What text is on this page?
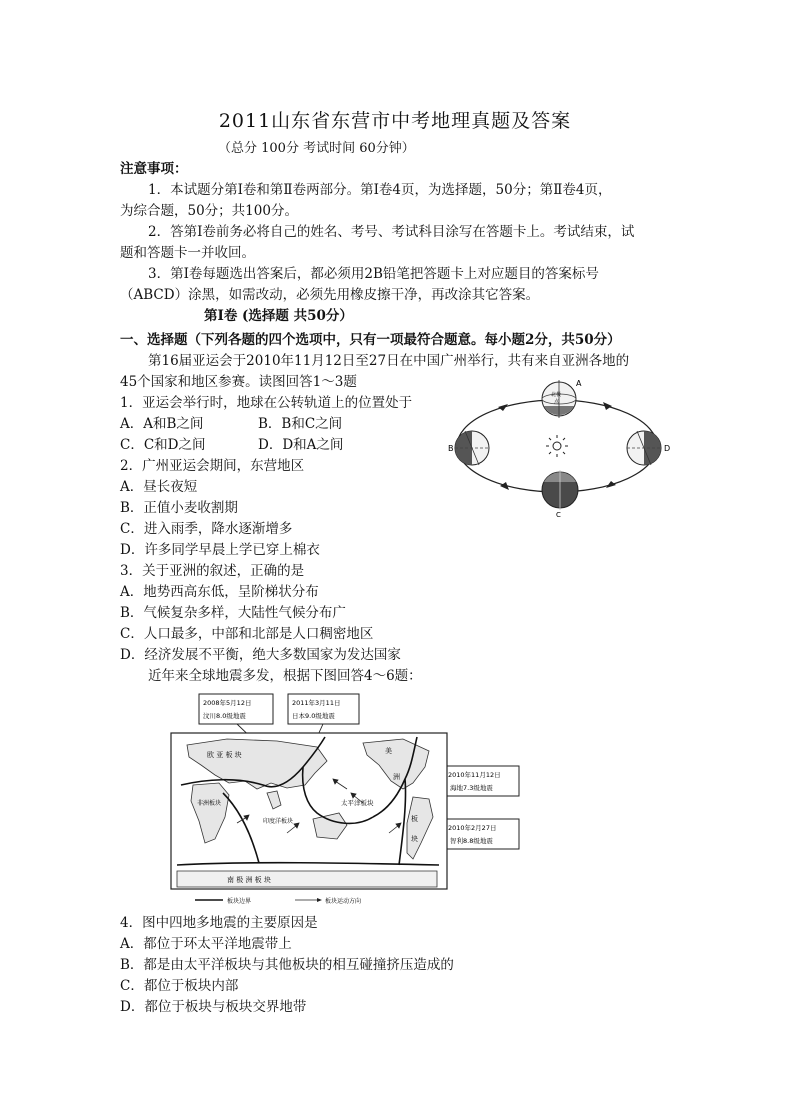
2011山东省东营市中考地理真题及答案
（总分 100分 考试时间 60分钟）
注意事项：
1．本试题分第Ⅰ卷和第Ⅱ卷两部分。第Ⅰ卷4页，为选择题，50分；第Ⅱ卷4页，
为综合题，50分；共100分。
2．答第Ⅰ卷前务必将自己的姓名、考号、考试科目涂写在答题卡上。考试结束，试
题和答题卡一并收回。
3．第Ⅰ卷每题选出答案后，都必须用2B铅笔把答题卡上对应题目的答案标号
（ABCD）涂黑，如需改动，必须先用橡皮擦干净，再改涂其它答案。
第Ⅰ卷 (选择题 共50分）
一、选择题（下列各题的四个选项中，只有一项最符合题意。每小题2分，共50分）
第16届亚运会于2010年11月12日至27日在中国广州举行，共有来自亚洲各地的
45个国家和地区参赛。读图回答1～3题
1．亚运会举行时，地球在公转轨道上的位置处于
A．A和B之间	B．B和C之间
C．C和D之间	D．D和A之间
2．广州亚运会期间，东营地区
A．昼长夜短
B．正值小麦收割期
C．进入雨季，降水逐渐增多
D．许多同学早晨上学已穿上棉衣
3．关于亚洲的叙述，正确的是
A．地势西高东低，呈阶梯状分布
B．气候复杂多样，大陆性气候分布广
C．人口最多，中部和北部是人口稠密地区
D．经济发展不平衡，绝大多数国家为发达国家
近年来全球地震多发，根据下图回答4～6题：
A
北极
点
B
C
D
2008年5月12日
汶川8.0级地震
2011年3月11日
日本9.0级地震
2010年11月12日
海地7.3级地震
2010年2月27日
智利8.8级地震
欧 亚 板 块
非洲板块
印度洋板块
太平洋板块
美
洲
板
块
南 极 洲 板 块
板块边界	板块运动方向
4．图中四地多地震的主要原因是
A．都位于环太平洋地震带上
B．都是由太平洋板块与其他板块的相互碰撞挤压造成的
C．都位于板块内部
D．都位于板块与板块交界地带
